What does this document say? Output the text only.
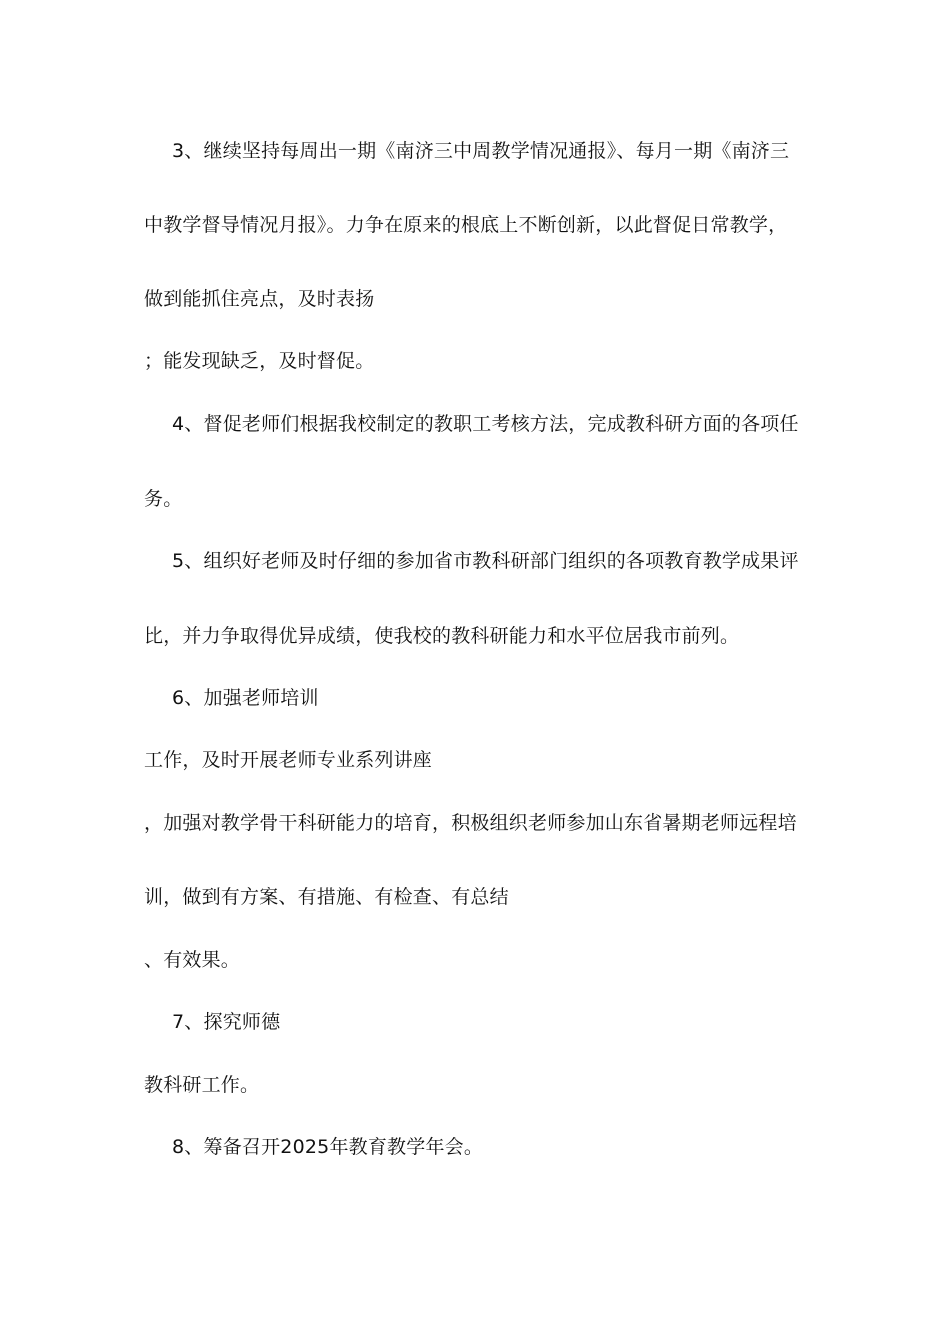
3、继续坚持每周出一期《南济三中周教学情况通报》、每月一期《南济三
中教学督导情况月报》。力争在原来的根底上不断创新，以此督促日常教学，
做到能抓住亮点，及时表扬
；能发现缺乏，及时督促。
4、督促老师们根据我校制定的教职工考核方法，完成教科研方面的各项任
务。
5、组织好老师及时仔细的参加省市教科研部门组织的各项教育教学成果评
比，并力争取得优异成绩，使我校的教科研能力和水平位居我市前列。
6、加强老师培训
工作，及时开展老师专业系列讲座
，加强对教学骨干科研能力的培育，积极组织老师参加山东省暑期老师远程培
训，做到有方案、有措施、有检查、有总结
、有效果。
7、探究师德
教科研工作。
8、筹备召开2025年教育教学年会。
